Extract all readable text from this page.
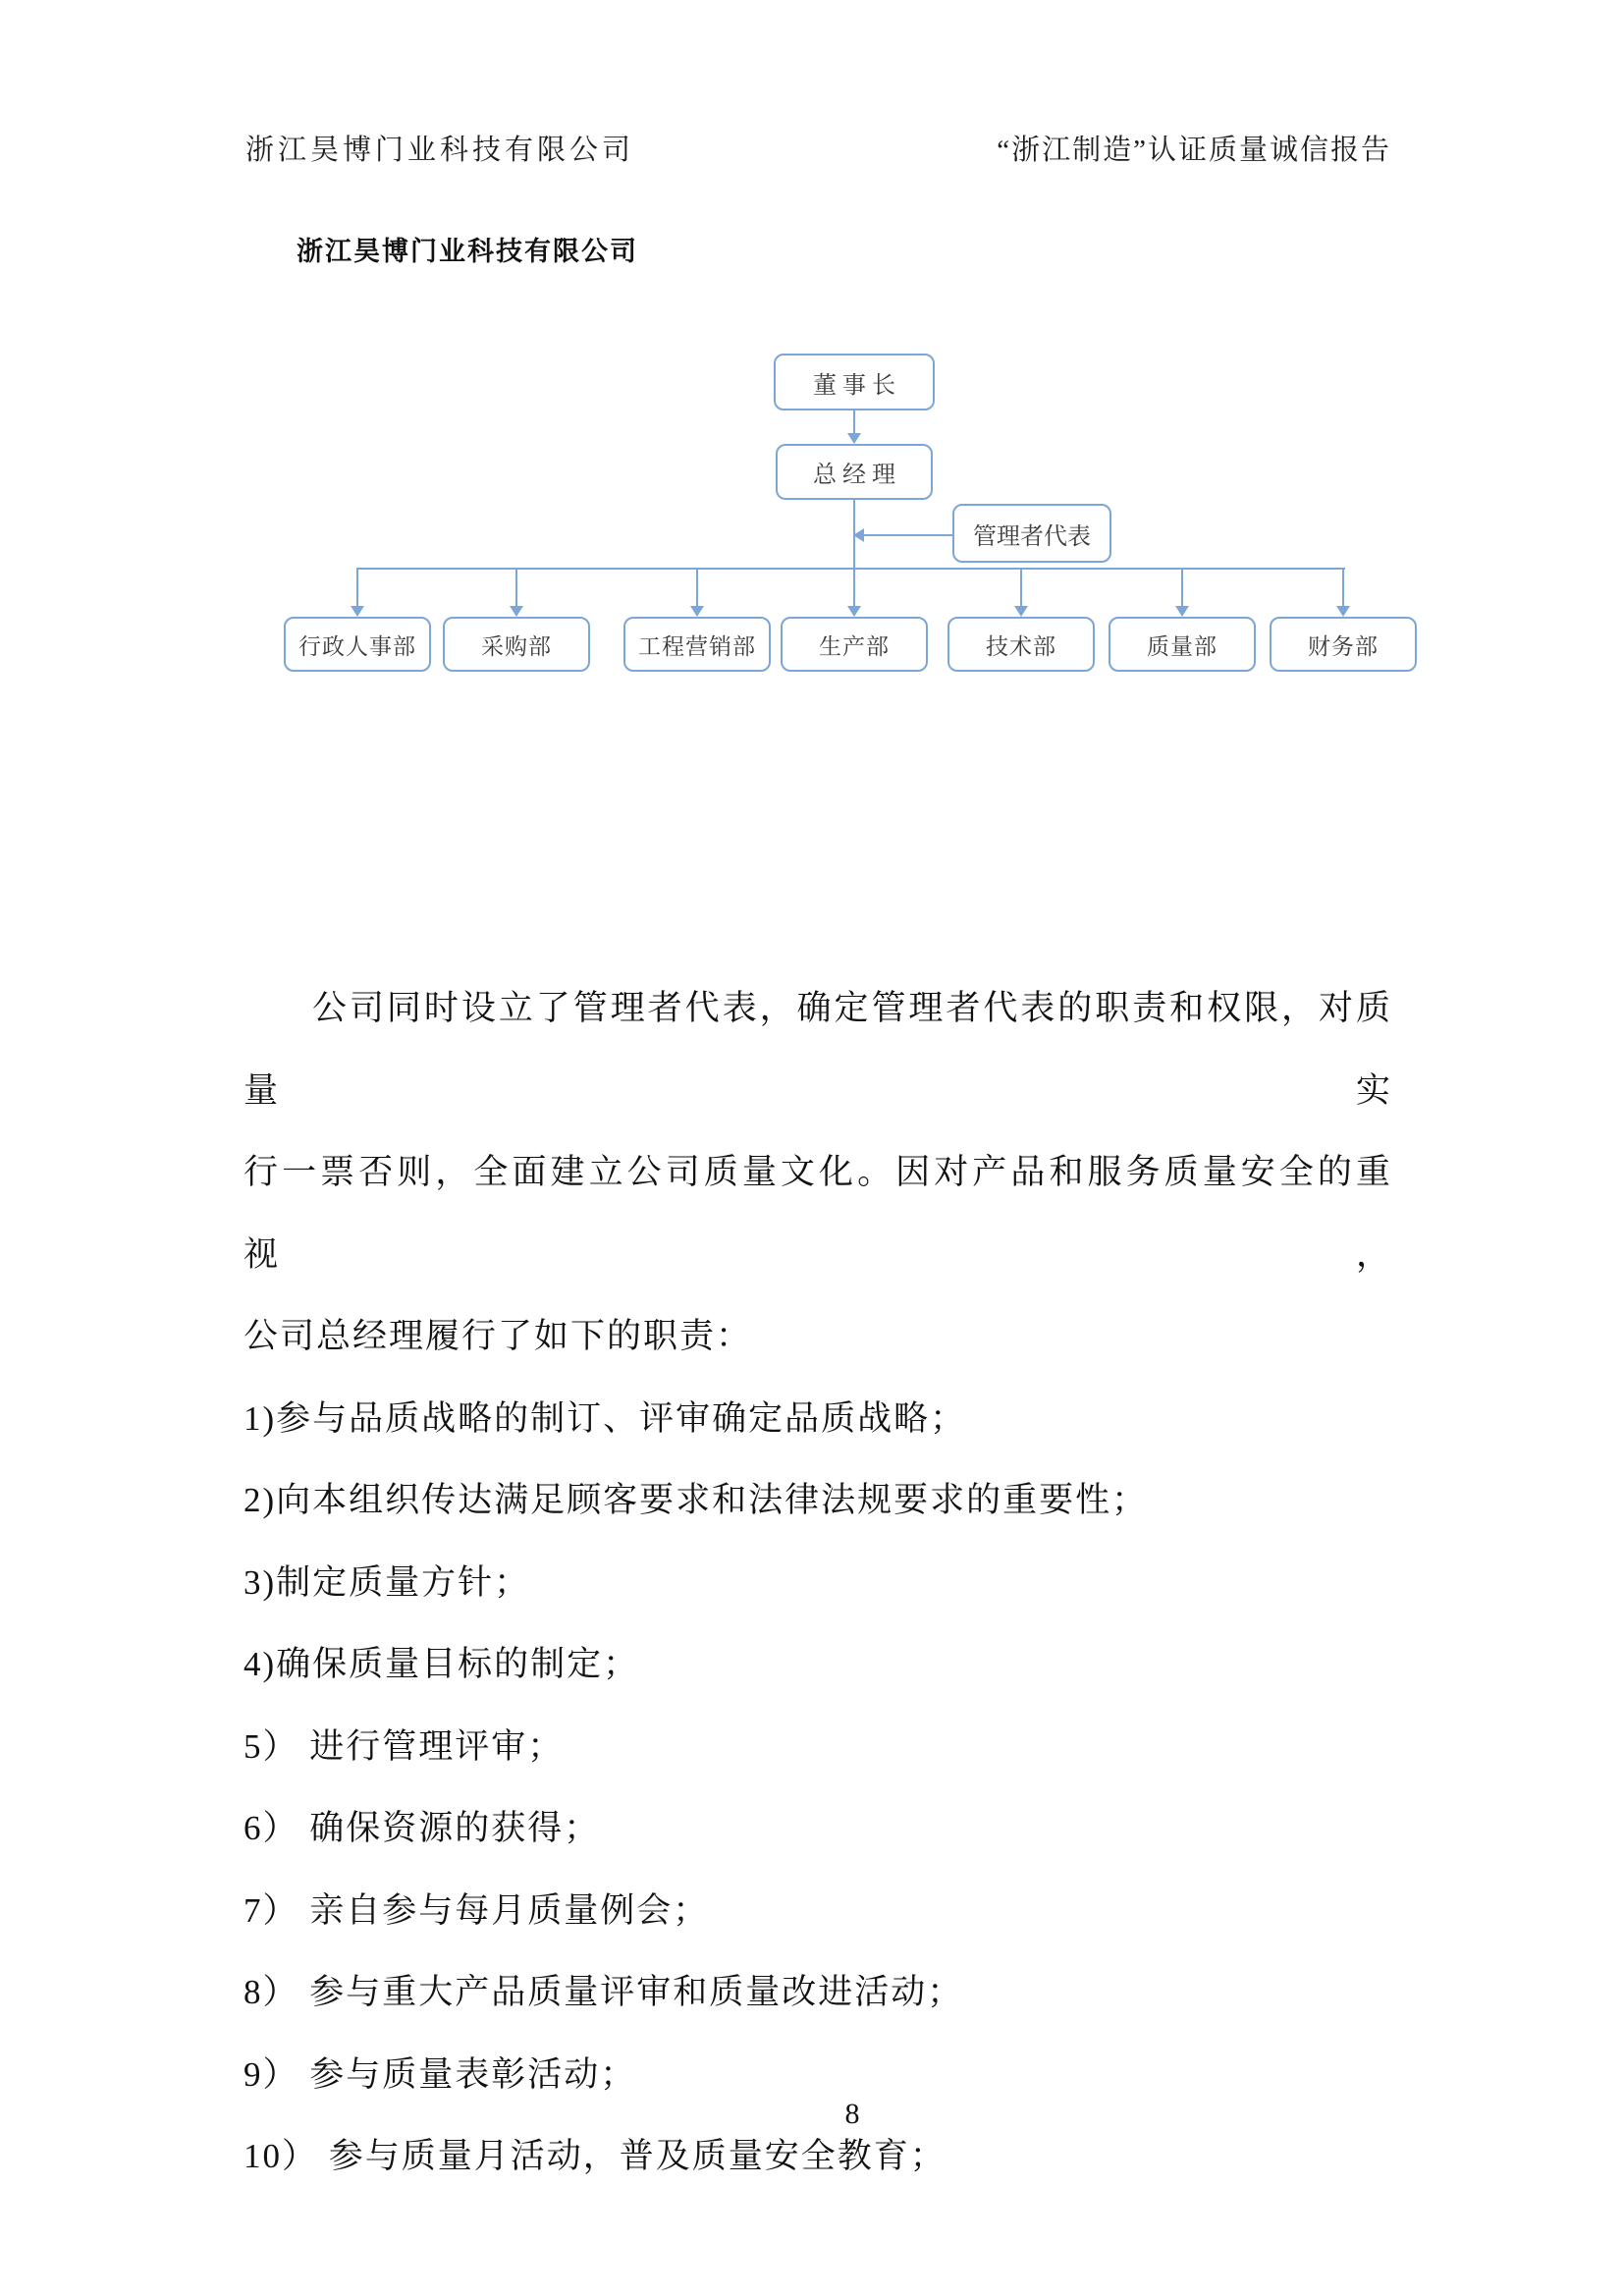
浙江昊博门业科技有限公司	“浙江制造”认证质量诚信报告
浙江昊博门业科技有限公司
董 事 长
总 经 理
管理者代表
行政人事部	采购部	工程营销部	生产部	技术部	质量部	财务部
公司同时设立了管理者代表，确定管理者代表的职责和权限，对质量实
行一票否则，全面建立公司质量文化。因对产品和服务质量安全的重视，
公司总经理履行了如下的职责：
1)参与品质战略的制订、评审确定品质战略；
2)向本组织传达满足顾客要求和法律法规要求的重要性；
3)制定质量方针；
4)确保质量目标的制定；
5） 进行管理评审；
6） 确保资源的获得；
7） 亲自参与每月质量例会；
8） 参与重大产品质量评审和质量改进活动；
9） 参与质量表彰活动；
10） 参与质量月活动，普及质量安全教育；
8
